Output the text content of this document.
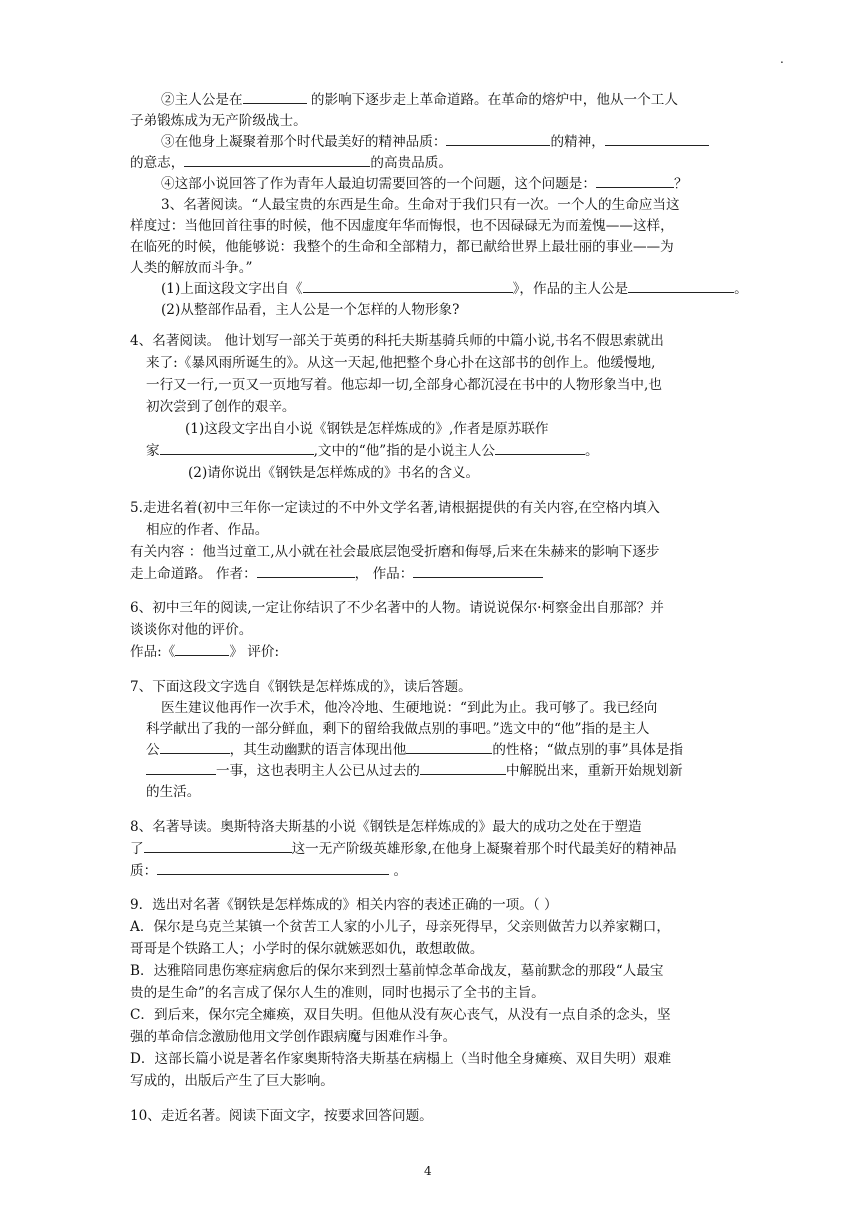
.
②主人公是在	的影响下逐步走上革命道路。在革命的熔炉中，他从一个工人
子弟锻炼成为无产阶级战士。
③在他身上凝聚着那个时代最美好的精神品质：	的精神，
的意志，	的高贵品质。
④这部小说回答了作为青年人最迫切需要回答的一个问题，这个问题是：	？
3、名著阅读。“人最宝贵的东西是生命。生命对于我们只有一次。一个人的生命应当这
样度过：当他回首往事的时候，他不因虚度年华而悔恨，也不因碌碌无为而羞愧——这样，
在临死的时候，他能够说：我整个的生命和全部精力，都已献给世界上最壮丽的事业——为
人类的解放而斗争。”
(1)上面这段文字出自《	》，作品的主人公是	。
(2)从整部作品看，主人公是一个怎样的人物形象?
4、名著阅读。 他计划写一部关于英勇的科托夫斯基骑兵师的中篇小说,书名不假思索就出
来了:《暴风雨所诞生的》。从这一天起,他把整个身心扑在这部书的创作上。他缓慢地,
一行又一行,一页又一页地写着。他忘却一切,全部身心都沉浸在书中的人物形象当中,也
初次尝到了创作的艰辛。
(1)这段文字出自小说《钢铁是怎样炼成的》,作者是原苏联作
家	,文中的“他”指的是小说主人公	。
(2)请你说出《钢铁是怎样炼成的》书名的含义。
5.走进名着(初中三年你一定读过的不中外文学名著,请根据提供的有关内容,在空格内填入
相应的作者、作品。
有关内容 ：他当过童工,从小就在社会最底层饱受折磨和侮辱,后来在朱赫来的影响下逐步
走上命道路。 作者：	， 作品：
6、初中三年的阅读,一定让你结识了不少名著中的人物。请说说保尔·柯察金出自那部？并
谈谈你对他的评价。
作品:《	》 评价:
7、下面这段文字选自《钢铁是怎样炼成的》，读后答题。
医生建议他再作一次手术，他冷冷地、生硬地说：“到此为止。我可够了。我已经向
科学献出了我的一部分鲜血，剩下的留给我做点别的事吧。”选文中的“他”指的是主人
公	，其生动幽默的语言体现出他	的性格；“做点别的事”具体是指
一事，这也表明主人公已从过去的	中解脱出来，重新开始规划新
的生活。
8、名著导读。奥斯特洛夫斯基的小说《钢铁是怎样炼成的》最大的成功之处在于塑造
了	这一无产阶级英雄形象,在他身上凝聚着那个时代最美好的精神品
质：	。
9．选出对名著《钢铁是怎样炼成的》相关内容的表述正确的一项。（ ）
A．保尔是乌克兰某镇一个贫苦工人家的小儿子，母亲死得早，父亲则做苦力以养家糊口，
哥哥是个铁路工人；小学时的保尔就嫉恶如仇，敢想敢做。
B．达雅陪同患伤寒症病愈后的保尔来到烈士墓前悼念革命战友，墓前默念的那段“人最宝
贵的是生命”的名言成了保尔人生的准则，同时也揭示了全书的主旨。
C．到后来，保尔完全瘫痪，双目失明。但他从没有灰心丧气，从没有一点自杀的念头，坚
强的革命信念激励他用文学创作跟病魔与困难作斗争。
D．这部长篇小说是著名作家奥斯特洛夫斯基在病榻上（当时他全身瘫痪、双目失明）艰难
写成的，出版后产生了巨大影响。
10、走近名著。阅读下面文字，按要求回答问题。
4
